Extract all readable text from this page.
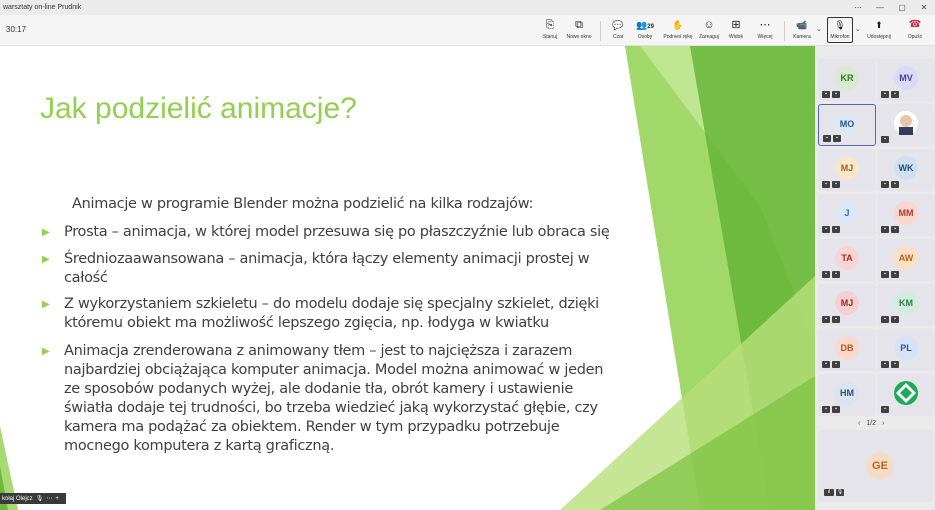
warsztaty on-line Prudnik	⋯	—	▢	✕
30:17	⎘
Stanuj
⧉
Nowe okno
💬
Czat
👥29
Osoby
✋
Podnieś rękę
☺
Zareaguj
⊞
Widok
⋯
Więcej
📹
Kamera
⌄ 🎙
Mikrofon
⌄ ⬆
Udostępnij
☎
Opuść
Jak podzielić animacje?
Animacje w programie Blender można podzielić na kilka rodzajów:
▶ Prosta – animacja, w której model przesuwa się po płaszczyźnie lub obraca się
▶ Średniozaawansowana – animacja, która łączy elementy animacji prostej w całość
▶ Z wykorzystaniem szkieletu – do modelu dodaje się specjalny szkielet, dzięki któremu obiekt ma możliwość lepszego zgięcia, np. łodyga w kwiatku
▶ Animacja zrenderowana z animowany tłem – jest to najcięższa i zarazem najbardziej obciążająca komputer animacja. Model można animować w jeden ze sposobów podanych wyżej, ale dodanie tła, obrót kamery i ustawienie światła dodaje tej trudności, bo trzeba wiedzieć jaką wykorzystać głębie, czy kamera ma podążać za obiektem. Render w tym przypadku potrzebuje mocnego komputera z kartą graficzną.
kołaj Olejcz 🎙 ⋯ +
KR
▪	▪
MV
▪	▪
MO
▪	▪	▪
MJ
▪	▪
WK
▪	▪
J
▪	▪
MM
▪	▪
TA
▪	▪
AW
▪	▪
MJ
▪	▪
KM
▪	▪
DB
▪	▪
PL
▪	▪
HM
▪	▪	▪
‹ 1/2 ›
GE
ıl	🎙
